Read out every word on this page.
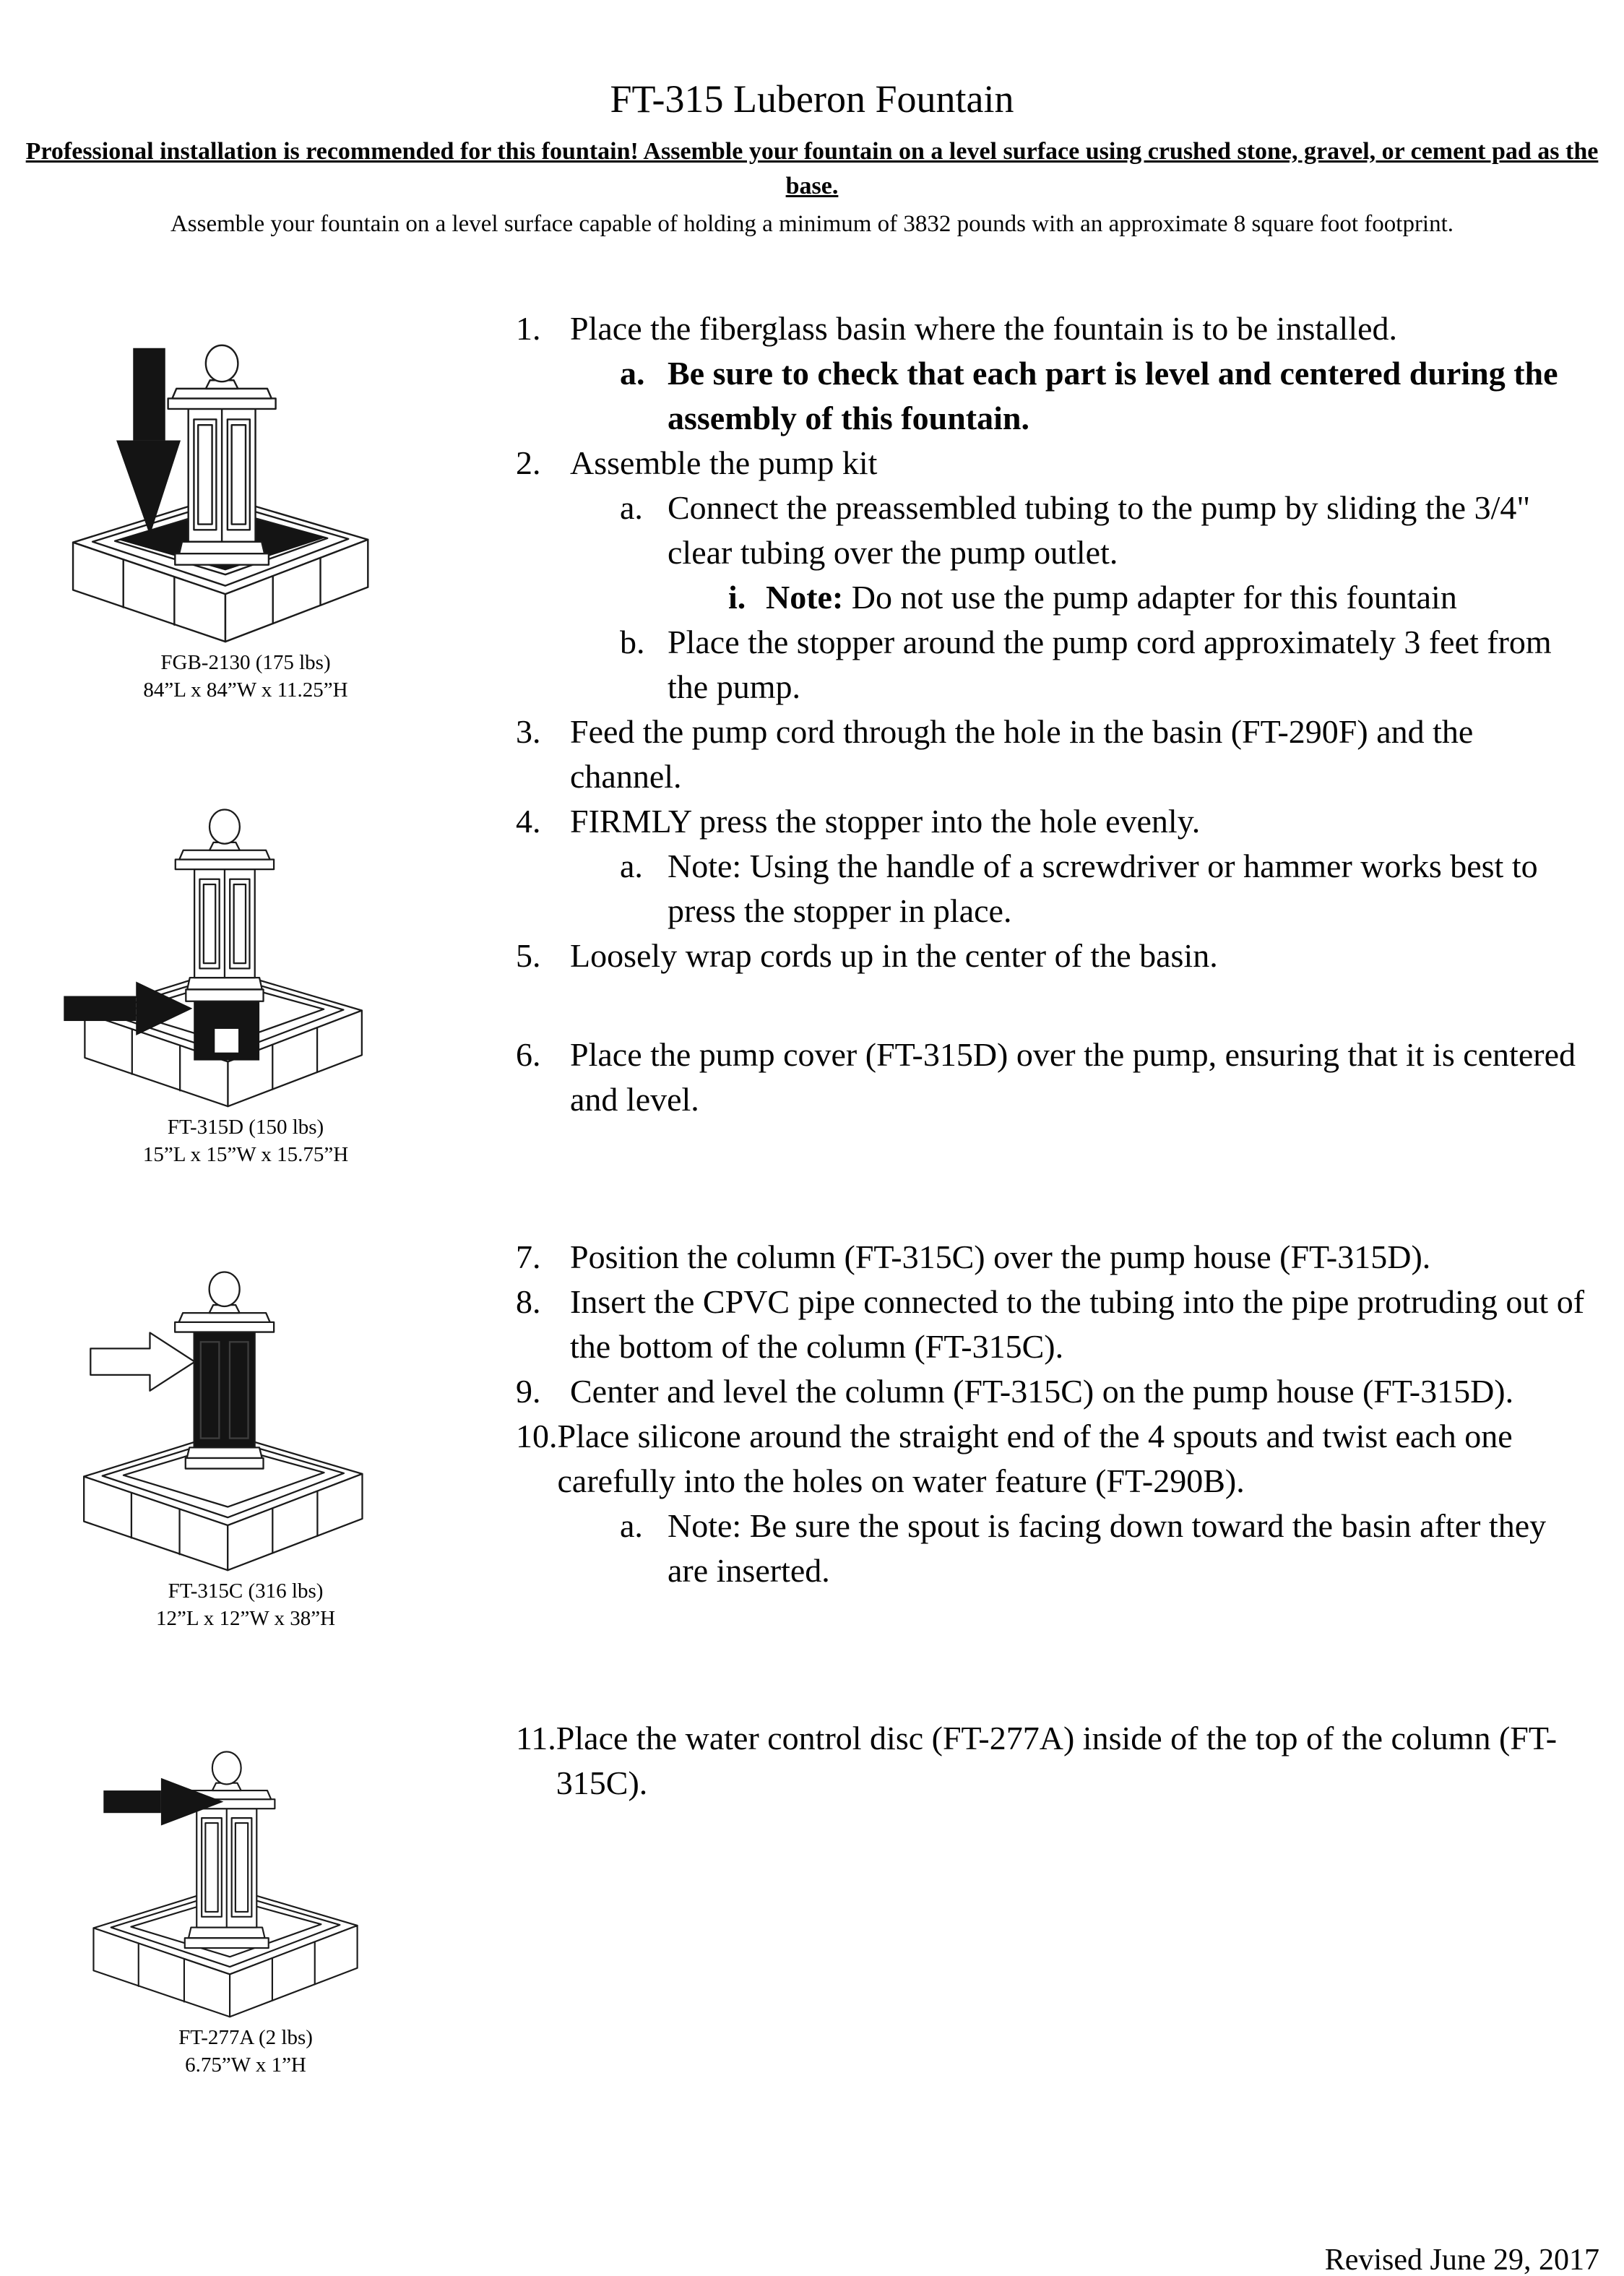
FT-315 Luberon Fountain

Professional installation is recommended for this fountain! Assemble your fountain on a level surface using crushed stone, gravel, or cement pad as the base.

Assemble your fountain on a level surface capable of holding a minimum of 3832 pounds with an approximate 8 square foot footprint.

FGB-2130 (175 lbs)
84”L x 84”W x 11.25”H
FT-315D (150 lbs)
15”L x 15”W x 15.75”H
FT-315C (316 lbs)
12”L x 12”W x 38”H
FT-277A (2 lbs)
6.75”W x 1”H
1. Place the fiberglass basin where the fountain is to be installed.
a. Be sure to check that each part is level and centered during the assembly of this fountain.
2. Assemble the pump kit
a. Connect the preassembled tubing to the pump by sliding the 3/4" clear tubing over the pump outlet.
i. Note: Do not use the pump adapter for this fountain
b. Place the stopper around the pump cord approximately 3 feet from the pump.
3. Feed the pump cord through the hole in the basin (FT-290F) and the channel.
4. FIRMLY press the stopper into the hole evenly.
a. Note: Using the handle of a screwdriver or hammer works best to press the stopper in place.
5. Loosely wrap cords up in the center of the basin.
6. Place the pump cover (FT-315D) over the pump, ensuring that it is centered and level.
7. Position the column (FT-315C) over the pump house (FT-315D).
8. Insert the CPVC pipe connected to the tubing into the pipe protruding out of the bottom of the column (FT-315C).
9. Center and level the column (FT-315C) on the pump house (FT-315D).
10. Place silicone around the straight end of the 4 spouts and twist each one carefully into the holes on water feature (FT-290B).
a. Note: Be sure the spout is facing down toward the basin after they are inserted.
11. Place the water control disc (FT-277A) inside of the top of the column (FT-315C).
Revised June 29, 2017
